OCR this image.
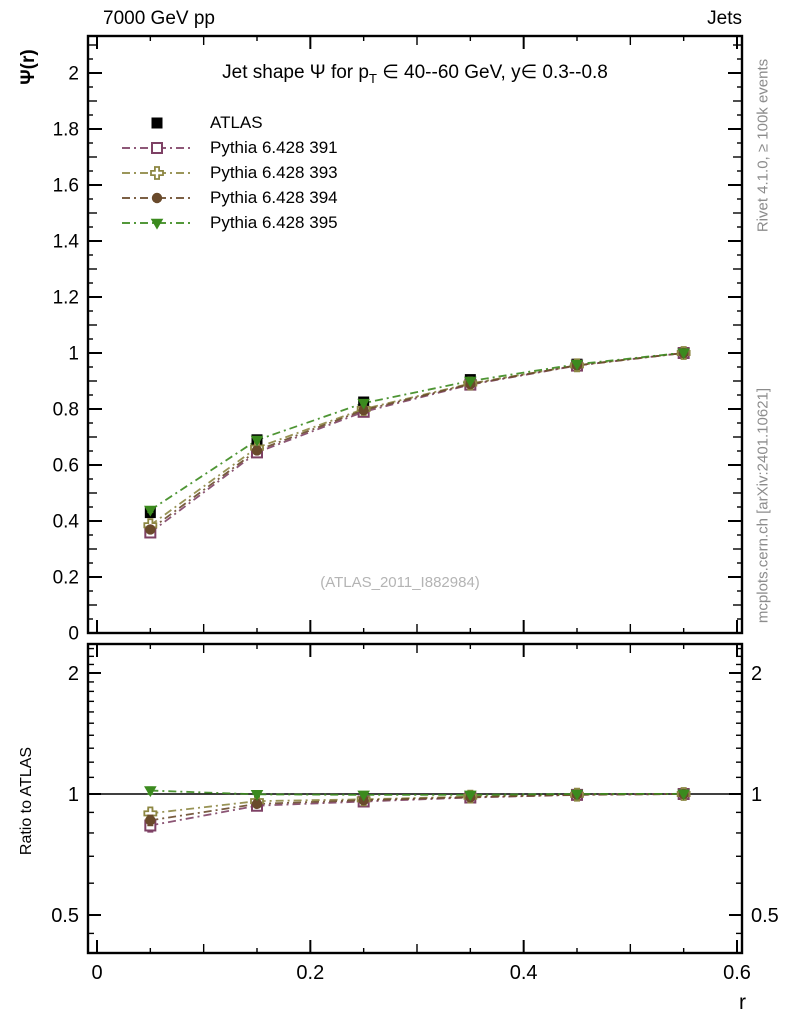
0
0.2
0.4
0.6
0.8
1
1.2
1.4
1.6
1.8
2
0.5	0.5
1	1
2	2
0	0.2	0.4	0.6
7000 GeV pp	Jets
Jet shape Ψ for $p_T$ ∈ 40--60 GeV, y∈ 0.3--0.8
Ψ(r)
Ratio to ATLAS
r
(ATLAS_2011_I882984)
Rivet 4.1.0, ≥ 100k events
mcplots.cern.ch [arXiv:2401.10621]
ATLAS
Pythia 6.428 391
Pythia 6.428 393
Pythia 6.428 394
Pythia 6.428 395
